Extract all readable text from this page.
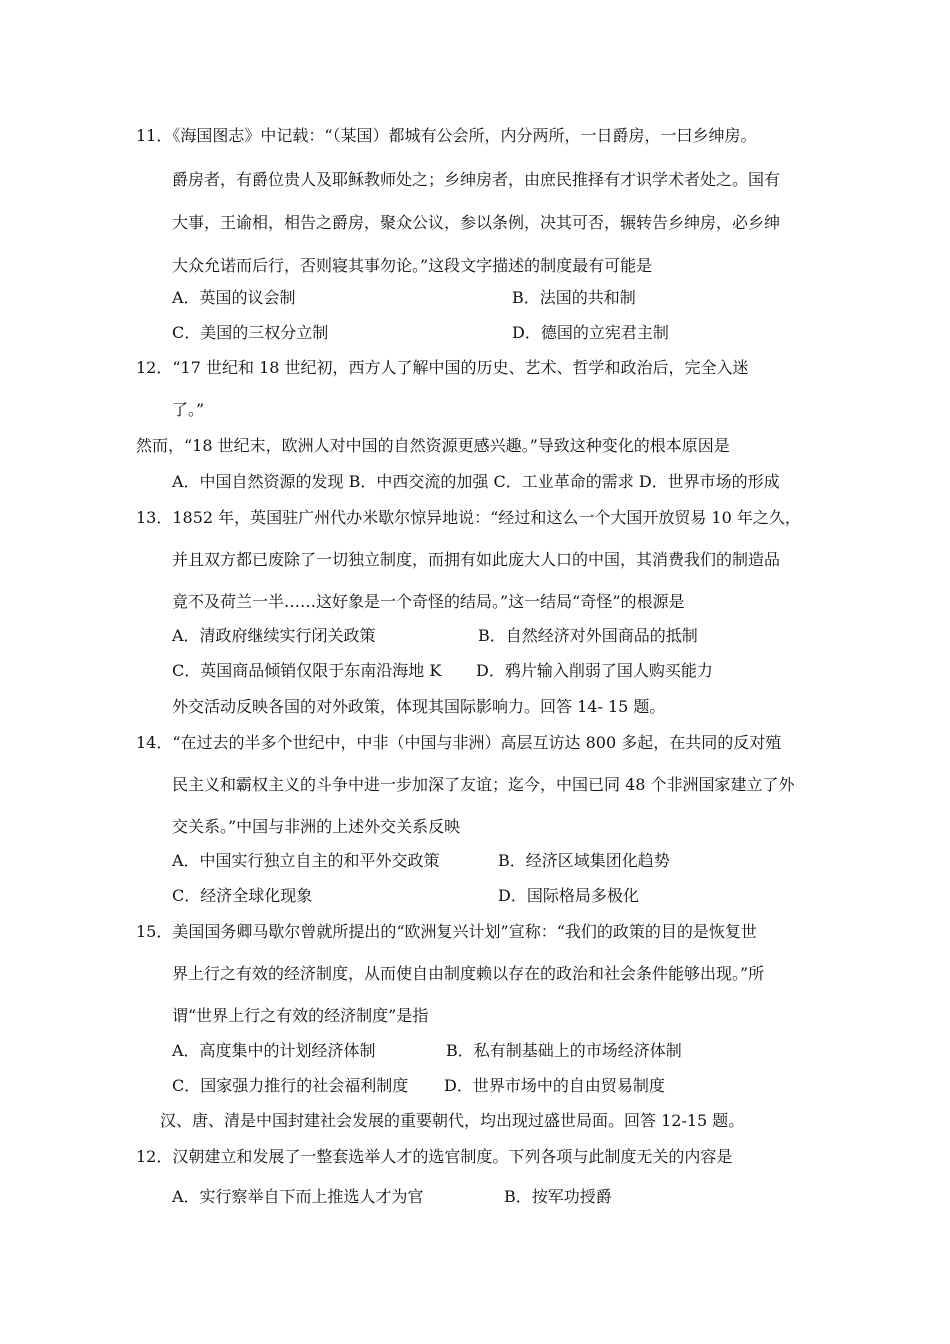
11．《海国图志》中记载：“（某国）都城有公会所，内分两所，一日爵房，一曰乡绅房。
爵房者，有爵位贵人及耶稣教师处之；乡绅房者，由庶民推择有才识学术者处之。国有
大事，王谕相，相告之爵房，聚众公议，参以条例，决其可否，辗转告乡绅房，必乡绅
大众允诺而后行，否则寝其事勿论。”这段文字描述的制度最有可能是
A．英国的议会制	B．法国的共和制
C．美国的三权分立制	D．德国的立宪君主制
12．“17 世纪和 18 世纪初，西方人了解中国的历史、艺术、哲学和政治后，完全入迷
了。”
然而，“18 世纪末，欧洲人对中国的自然资源更感兴趣。”导致这种变化的根本原因是
A．中国自然资源的发现 B．中西交流的加强 C．工业革命的需求 D．世界市场的形成
13．1852 年，英国驻广州代办米歇尔惊异地说：“经过和这么一个大国开放贸易 10 年之久，
并且双方都已废除了一切独立制度，而拥有如此庞大人口的中国，其消费我们的制造品
竟不及荷兰一半……这好象是一个奇怪的结局。”这一结局“奇怪”的根源是
A．清政府继续实行闭关政策	B．自然经济对外国商品的抵制
C．英国商品倾销仅限于东南沿海地 K D．鸦片输入削弱了国人购买能力
外交活动反映各国的对外政策，体现其国际影响力。回答 14- 15 题。
14．“在过去的半多个世纪中，中非（中国与非洲）高层互访达 800 多起，在共同的反对殖
民主义和霸权主义的斗争中进一步加深了友谊；迄今，中国已同 48 个非洲国家建立了外
交关系。”中国与非洲的上述外交关系反映
A．中国实行独立自主的和平外交政策	B．经济区域集团化趋势
C．经济全球化现象	D．国际格局多极化
15．美国国务卿马歇尔曾就所提出的“欧洲复兴计划”宣称：“我们的政策的目的是恢复世
界上行之有效的经济制度，从而使自由制度赖以存在的政治和社会条件能够出现。”所
谓“世界上行之有效的经济制度”是指
A．高度集中的计划经济体制	B．私有制基础上的市场经济体制
C．国家强力推行的社会福利制度 D．世界市场中的自由贸易制度
汉、唐、清是中国封建社会发展的重要朝代，均出现过盛世局面。回答 12-15 题。
12．汉朝建立和发展了一整套选举人才的选官制度。下列各项与此制度无关的内容是
A．实行察举自下而上推选人才为官	B．按军功授爵
